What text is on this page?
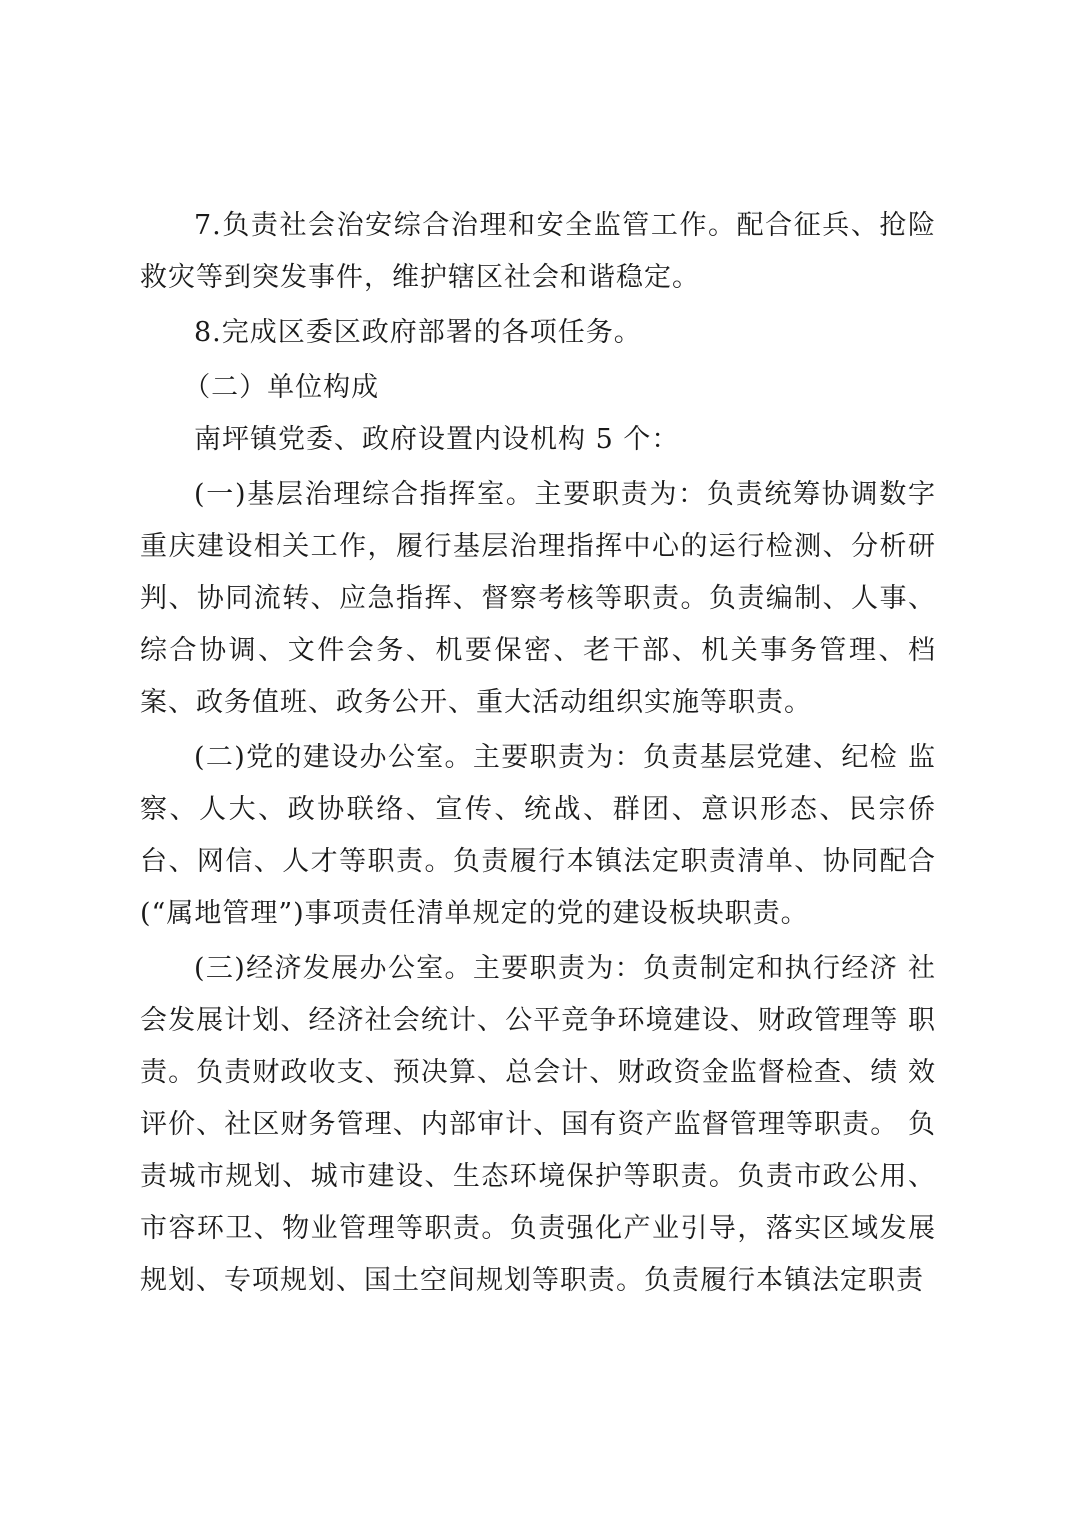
7.负责社会治安综合治理和安全监管工作。配合征兵、抢险救灾等到突发事件，维护辖区社会和谐稳定。

8.完成区委区政府部署的各项任务。

（二）单位构成

南坪镇党委、政府设置内设机构 5 个：

(一)基层治理综合指挥室。主要职责为：负责统筹协调数字重庆建设相关工作，履行基层治理指挥中心的运行检测、分析研判、协同流转、应急指挥、督察考核等职责。负责编制、人事、综合协调、文件会务、机要保密、老干部、机关事务管理、档案、政务值班、政务公开、重大活动组织实施等职责。

(二)党的建设办公室。主要职责为：负责基层党建、纪检 监察、人大、政协联络、宣传、统战、群团、意识形态、民宗侨 台、网信、人才等职责。负责履行本镇法定职责清单、协同配合 (“属地管理”)事项责任清单规定的党的建设板块职责。

(三)经济发展办公室。主要职责为：负责制定和执行经济 社会发展计划、经济社会统计、公平竞争环境建设、财政管理等 职责。负责财政收支、预决算、总会计、财政资金监督检查、绩 效评价、社区财务管理、内部审计、国有资产监督管理等职责。 负责城市规划、城市建设、生态环境保护等职责。负责市政公用、市容环卫、物业管理等职责。负责强化产业引导，落实区域发展规划、专项规划、国土空间规划等职责。负责履行本镇法定职责
